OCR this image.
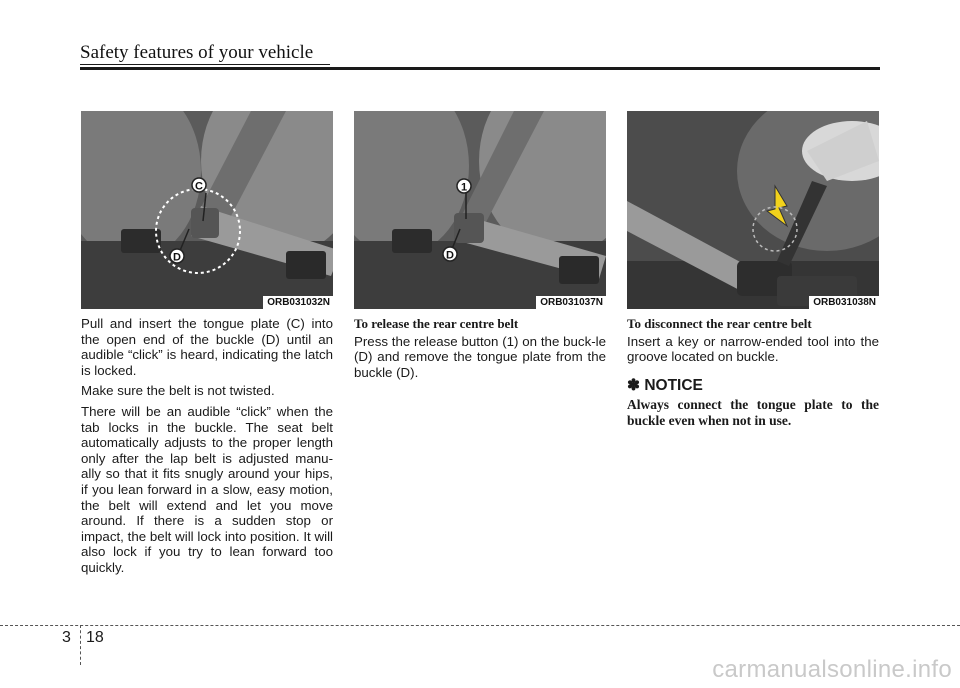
Safety features of your vehicle
C
D
ORB031032N
1
D
ORB031037N	ORB031038N

Pull and insert the tongue plate (C) into the open end of the buckle (D) until an audible “click” is heard, indicating the latch is locked.

Make sure the belt is not twisted.

There will be an audible “click” when the tab locks in the buckle. The seat belt automatically adjusts to the proper length only after the lap belt is adjusted manu-ally so that it fits snugly around your hips, if you lean forward in a slow, easy motion, the belt will extend and let you move around. If there is a sudden stop or impact, the belt will lock into position. It will also lock if you try to lean forward too quickly.

To release the rear centre belt

Press the release button (1) on the buck-le (D) and remove the tongue plate from the buckle (D).

To disconnect the rear centre belt

Insert a key or narrow-ended tool into the groove located on buckle.

✽ NOTICE
Always connect the tongue plate to the buckle even when not in use.
3 18
carmanualsonline.info
